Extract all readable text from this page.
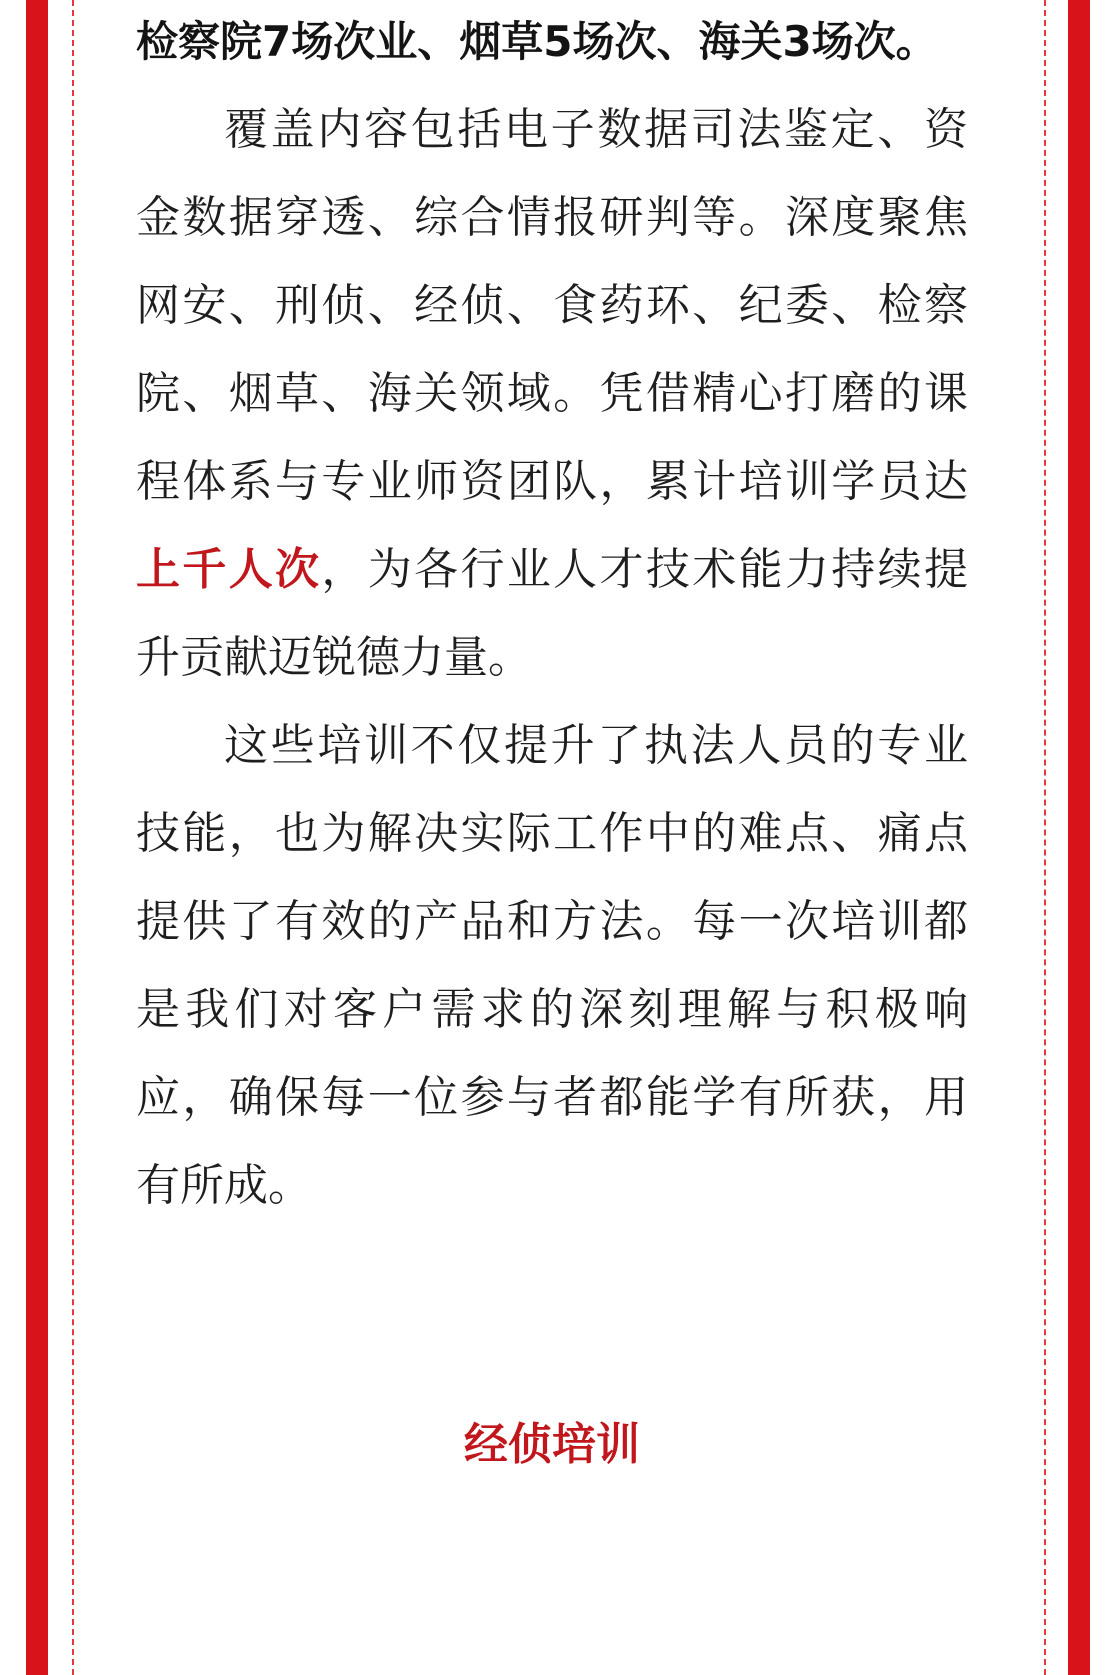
检察院7场次业、烟草5场次、海关3场次。

覆盖内容包括电子数据司法鉴定、资金数据穿透、综合情报研判等。深度聚焦网安、刑侦、经侦、食药环、纪委、检察院、烟草、海关领域。凭借精心打磨的课程体系与专业师资团队，累计培训学员达上千人次，为各行业人才技术能力持续提升贡献迈锐德力量。

这些培训不仅提升了执法人员的专业技能，也为解决实际工作中的难点、痛点提供了有效的产品和方法。每一次培训都是我们对客户需求的深刻理解与积极响应，确保每一位参与者都能学有所获，用有所成。

经侦培训
